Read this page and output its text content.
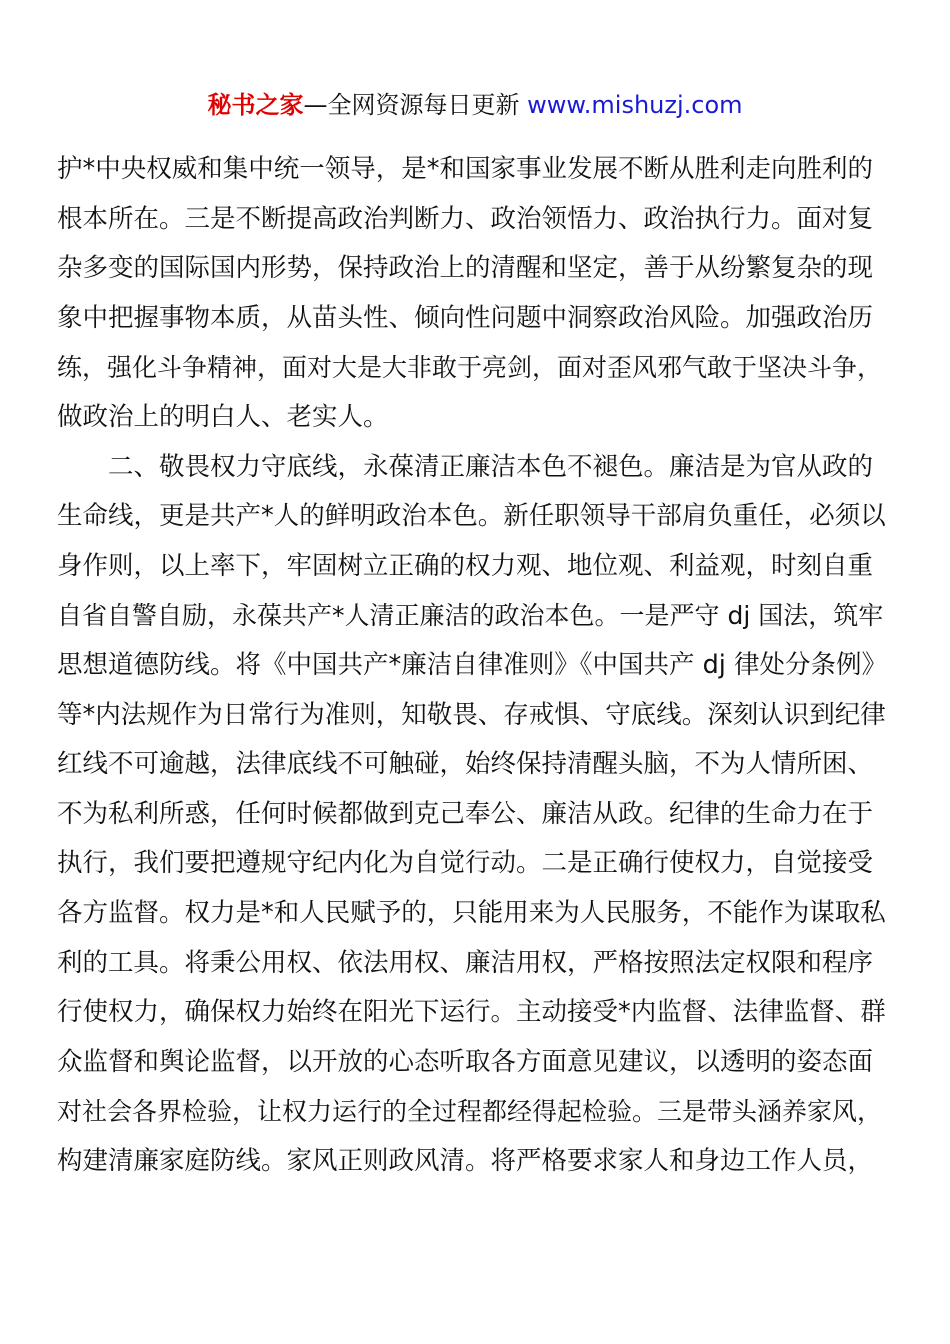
秘书之家—全网资源每日更新 www.mishuzj.com
护*中央权威和集中统一领导，是*和国家事业发展不断从胜利走向胜利的
根本所在。三是不断提高政治判断力、政治领悟力、政治执行力。面对复
杂多变的国际国内形势，保持政治上的清醒和坚定，善于从纷繁复杂的现
象中把握事物本质，从苗头性、倾向性问题中洞察政治风险。加强政治历
练，强化斗争精神，面对大是大非敢于亮剑，面对歪风邪气敢于坚决斗争，
做政治上的明白人、老实人。
二、敬畏权力守底线，永葆清正廉洁本色不褪色。廉洁是为官从政的
生命线，更是共产*人的鲜明政治本色。新任职领导干部肩负重任，必须以
身作则，以上率下，牢固树立正确的权力观、地位观、利益观，时刻自重
自省自警自励，永葆共产*人清正廉洁的政治本色。一是严守 dj 国法，筑牢
思想道德防线。将《中国共产*廉洁自律准则》《中国共产 dj 律处分条例》
等*内法规作为日常行为准则，知敬畏、存戒惧、守底线。深刻认识到纪律
红线不可逾越，法律底线不可触碰，始终保持清醒头脑，不为人情所困、
不为私利所惑，任何时候都做到克己奉公、廉洁从政。纪律的生命力在于
执行，我们要把遵规守纪内化为自觉行动。二是正确行使权力，自觉接受
各方监督。权力是*和人民赋予的，只能用来为人民服务，不能作为谋取私
利的工具。将秉公用权、依法用权、廉洁用权，严格按照法定权限和程序
行使权力，确保权力始终在阳光下运行。主动接受*内监督、法律监督、群
众监督和舆论监督，以开放的心态听取各方面意见建议，以透明的姿态面
对社会各界检验，让权力运行的全过程都经得起检验。三是带头涵养家风，
构建清廉家庭防线。家风正则政风清。将严格要求家人和身边工作人员，
